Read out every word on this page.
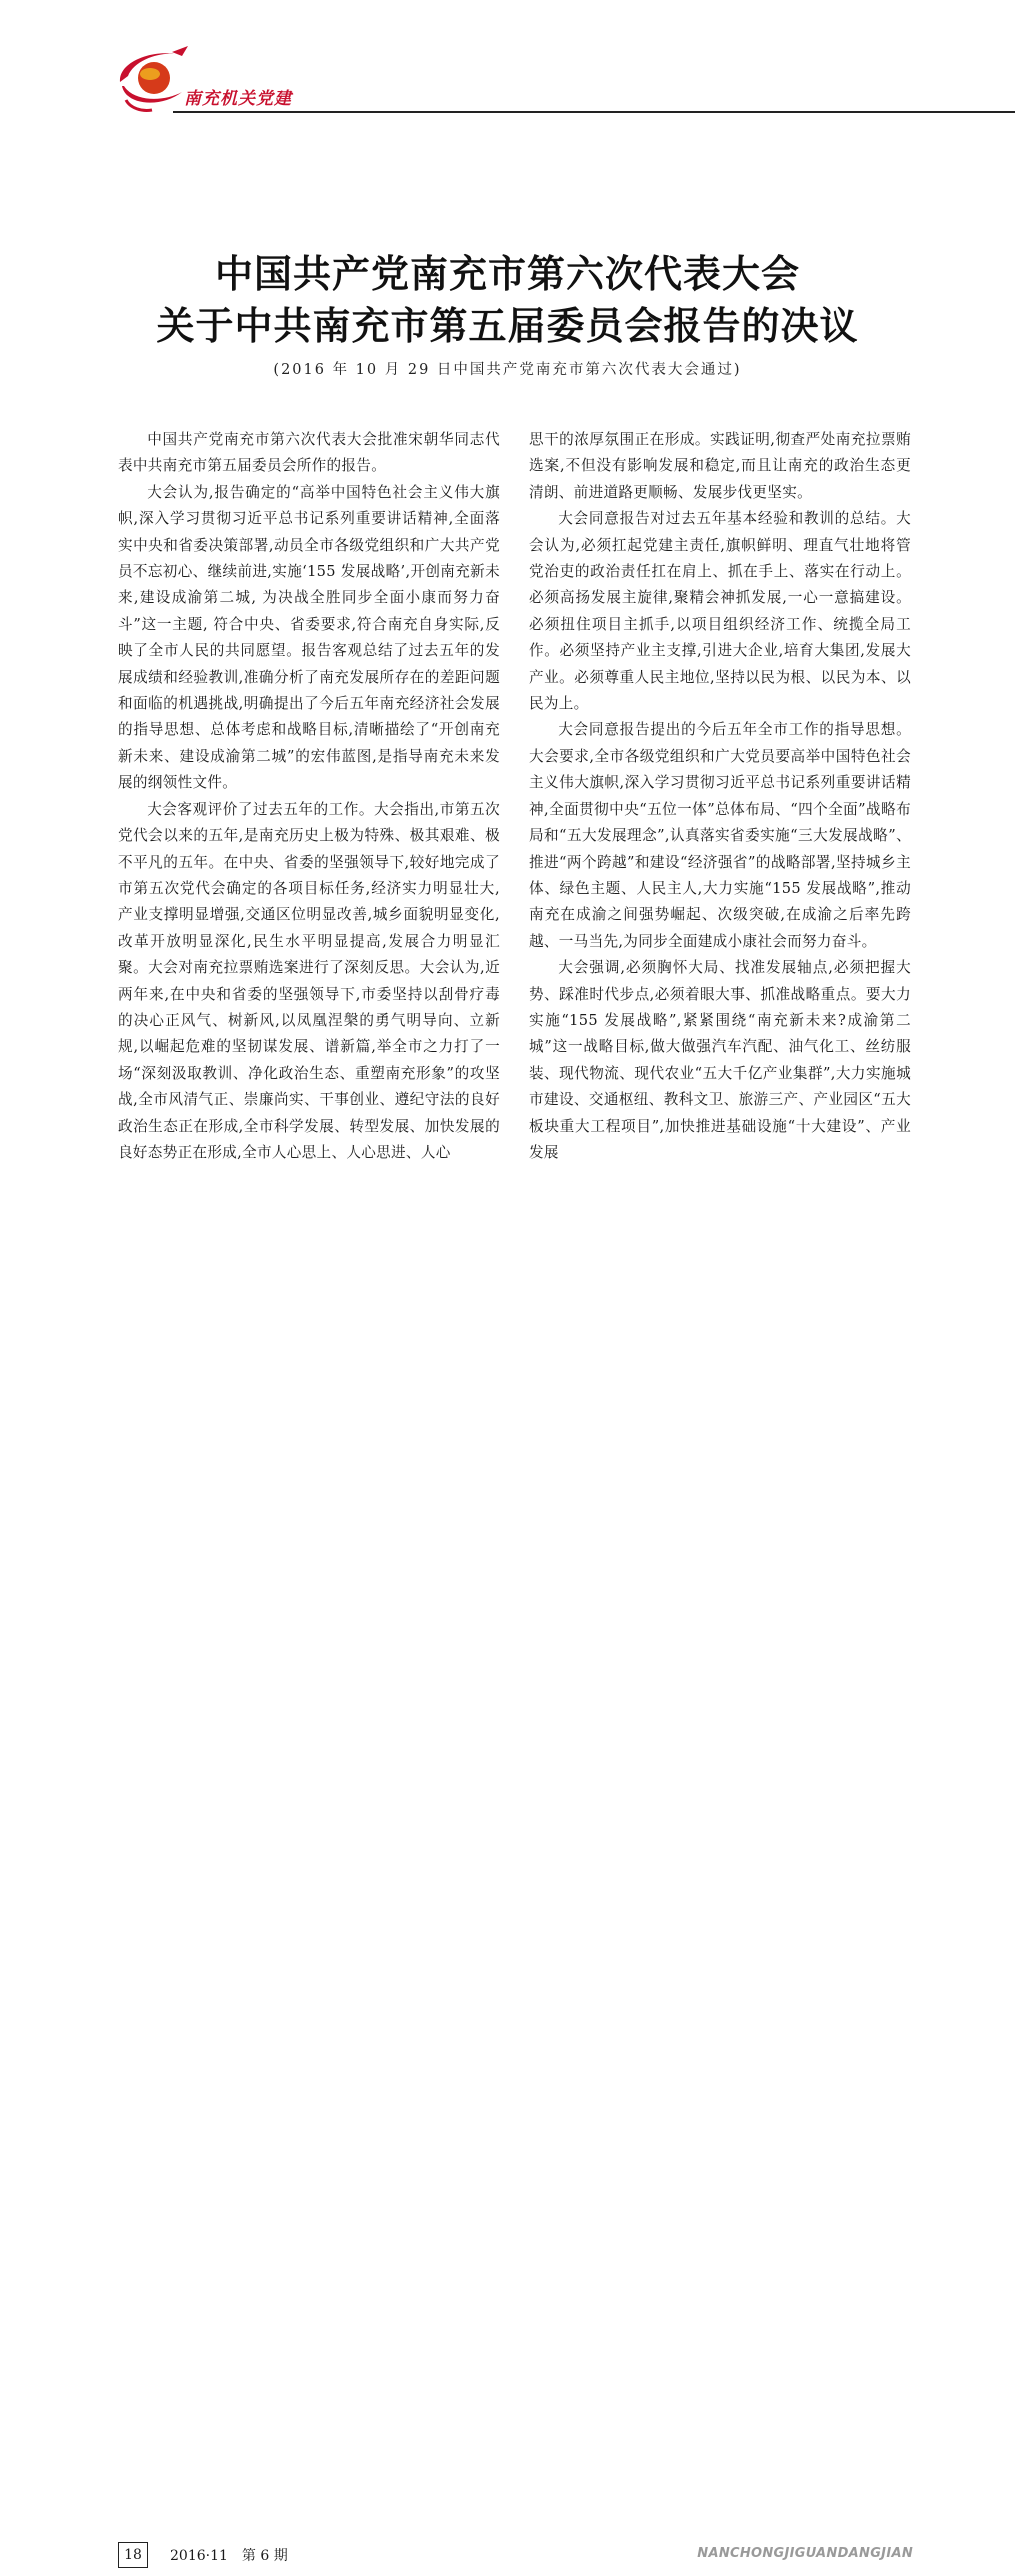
南充机关党建
中国共产党南充市第六次代表大会
关于中共南充市第五届委员会报告的决议
(2016 年 10 月 29 日中国共产党南充市第六次代表大会通过)

中国共产党南充市第六次代表大会批准宋朝华同志代表中共南充市第五届委员会所作的报告。

大会认为,报告确定的“高举中国特色社会主义伟大旗帜,深入学习贯彻习近平总书记系列重要讲话精神,全面落实中央和省委决策部署,动员全市各级党组织和广大共产党员不忘初心、继续前进,实施‘155 发展战略’,开创南充新未来,建设成渝第二城, 为决战全胜同步全面小康而努力奋斗”这一主题, 符合中央、省委要求,符合南充自身实际,反映了全市人民的共同愿望。报告客观总结了过去五年的发展成绩和经验教训,准确分析了南充发展所存在的差距问题和面临的机遇挑战,明确提出了今后五年南充经济社会发展的指导思想、总体考虑和战略目标,清晰描绘了“开创南充新未来、建设成渝第二城”的宏伟蓝图,是指导南充未来发展的纲领性文件。

大会客观评价了过去五年的工作。大会指出,市第五次党代会以来的五年,是南充历史上极为特殊、极其艰难、极不平凡的五年。在中央、省委的坚强领导下,较好地完成了市第五次党代会确定的各项目标任务,经济实力明显壮大,产业支撑明显增强,交通区位明显改善,城乡面貌明显变化,改革开放明显深化,民生水平明显提高,发展合力明显汇聚。大会对南充拉票贿选案进行了深刻反思。大会认为,近两年来,在中央和省委的坚强领导下,市委坚持以刮骨疗毒的决心正风气、树新风,以凤凰涅槃的勇气明导向、立新规,以崛起危难的坚韧谋发展、谱新篇,举全市之力打了一场“深刻汲取教训、净化政治生态、重塑南充形象”的攻坚战,全市风清气正、崇廉尚实、干事创业、遵纪守法的良好政治生态正在形成,全市科学发展、转型发展、加快发展的良好态势正在形成,全市人心思上、人心思进、人心

思干的浓厚氛围正在形成。实践证明,彻查严处南充拉票贿选案,不但没有影响发展和稳定,而且让南充的政治生态更清朗、前进道路更顺畅、发展步伐更坚实。

大会同意报告对过去五年基本经验和教训的总结。大会认为,必须扛起党建主责任,旗帜鲜明、理直气壮地将管党治吏的政治责任扛在肩上、抓在手上、落实在行动上。必须高扬发展主旋律,聚精会神抓发展,一心一意搞建设。必须扭住项目主抓手,以项目组织经济工作、统揽全局工作。必须坚持产业主支撑,引进大企业,培育大集团,发展大产业。必须尊重人民主地位,坚持以民为根、以民为本、以民为上。

大会同意报告提出的今后五年全市工作的指导思想。大会要求,全市各级党组织和广大党员要高举中国特色社会主义伟大旗帜,深入学习贯彻习近平总书记系列重要讲话精神,全面贯彻中央“五位一体”总体布局、“四个全面”战略布局和“五大发展理念”,认真落实省委实施“三大发展战略”、推进“两个跨越”和建设“经济强省”的战略部署,坚持城乡主体、绿色主题、人民主人,大力实施“155 发展战略”,推动南充在成渝之间强势崛起、次级突破,在成渝之后率先跨越、一马当先,为同步全面建成小康社会而努力奋斗。

大会强调,必须胸怀大局、找准发展轴点,必须把握大势、踩准时代步点,必须着眼大事、抓准战略重点。要大力实施“155 发展战略”,紧紧围绕“南充新未来?成渝第二城”这一战略目标,做大做强汽车汽配、油气化工、丝纺服装、现代物流、现代农业“五大千亿产业集群”,大力实施城市建设、交通枢纽、教科文卫、旅游三产、产业园区“五大板块重大工程项目”,加快推进基础设施“十大建设”、产业发展

18	2016·11　第 6 期	NANCHONGJIGUANDANGJIAN
